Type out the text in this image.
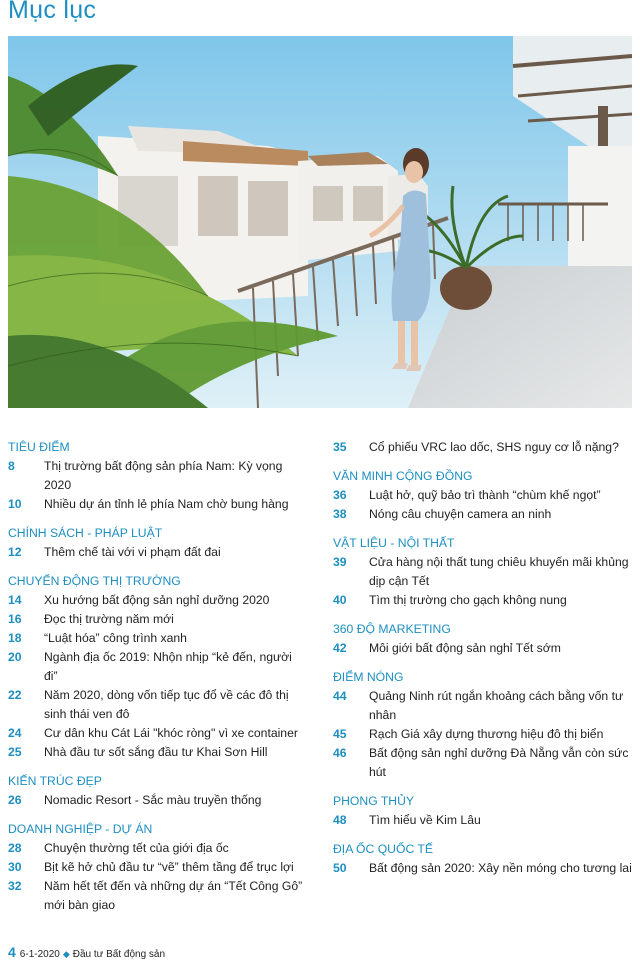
Mục lục
TIÊU ĐIỂM
8	Thị trường bất động sản phía Nam: Kỳ vọng 2020
10	Nhiều dự án tỉnh lẻ phía Nam chờ bung hàng
CHÍNH SÁCH - PHÁP LUẬT
12	Thêm chế tài với vi phạm đất đai
CHUYỂN ĐỘNG THỊ TRƯỜNG
14	Xu hướng bất động sản nghỉ dưỡng 2020
16	Đọc thị trường năm mới
18	“Luật hóa” công trình xanh
20	Ngành địa ốc 2019: Nhộn nhịp “kẻ đến, người đi”
22	Năm 2020, dòng vốn tiếp tục đổ về các đô thị sinh thái ven đô
24	Cư dân khu Cát Lái "khóc ròng" vì xe container
25	Nhà đầu tư sốt sắng đầu tư Khai Sơn Hill
KIẾN TRÚC ĐẸP
26	Nomadic Resort - Sắc màu truyền thống
DOANH NGHIỆP - DỰ ÁN
28	Chuyện thường tết của giới địa ốc
30	Bịt kẽ hở chủ đầu tư “vẽ” thêm tầng để trục lợi
32	Năm hết tết đến và những dự án “Tết Công Gô” mới bàn giao
35	Cổ phiếu VRC lao dốc, SHS nguy cơ lỗ nặng?
VĂN MINH CỘNG ĐỒNG
36	Luật hở, quỹ bảo trì thành “chùm khế ngọt”
38	Nóng câu chuyện camera an ninh
VẬT LIỆU - NỘI THẤT
39	Cửa hàng nội thất tung chiêu khuyến mãi khủng dịp cận Tết
40	Tìm thị trường cho gạch không nung
360 ĐỘ MARKETING
42	Môi giới bất động sản nghỉ Tết sớm
ĐIỂM NÓNG
44	Quảng Ninh rút ngắn khoảng cách bằng vốn tư nhân
45	Rạch Giá xây dựng thương hiệu đô thị biển
46	Bất động sản nghỉ dưỡng Đà Nẵng vẫn còn sức hút
PHONG THỦY
48	Tìm hiểu về Kim Lâu
ĐỊA ỐC QUỐC TẾ
50	Bất động sản 2020: Xây nền móng cho tương lai
4 6-1-2020 ◆ Đầu tư Bất động sản
